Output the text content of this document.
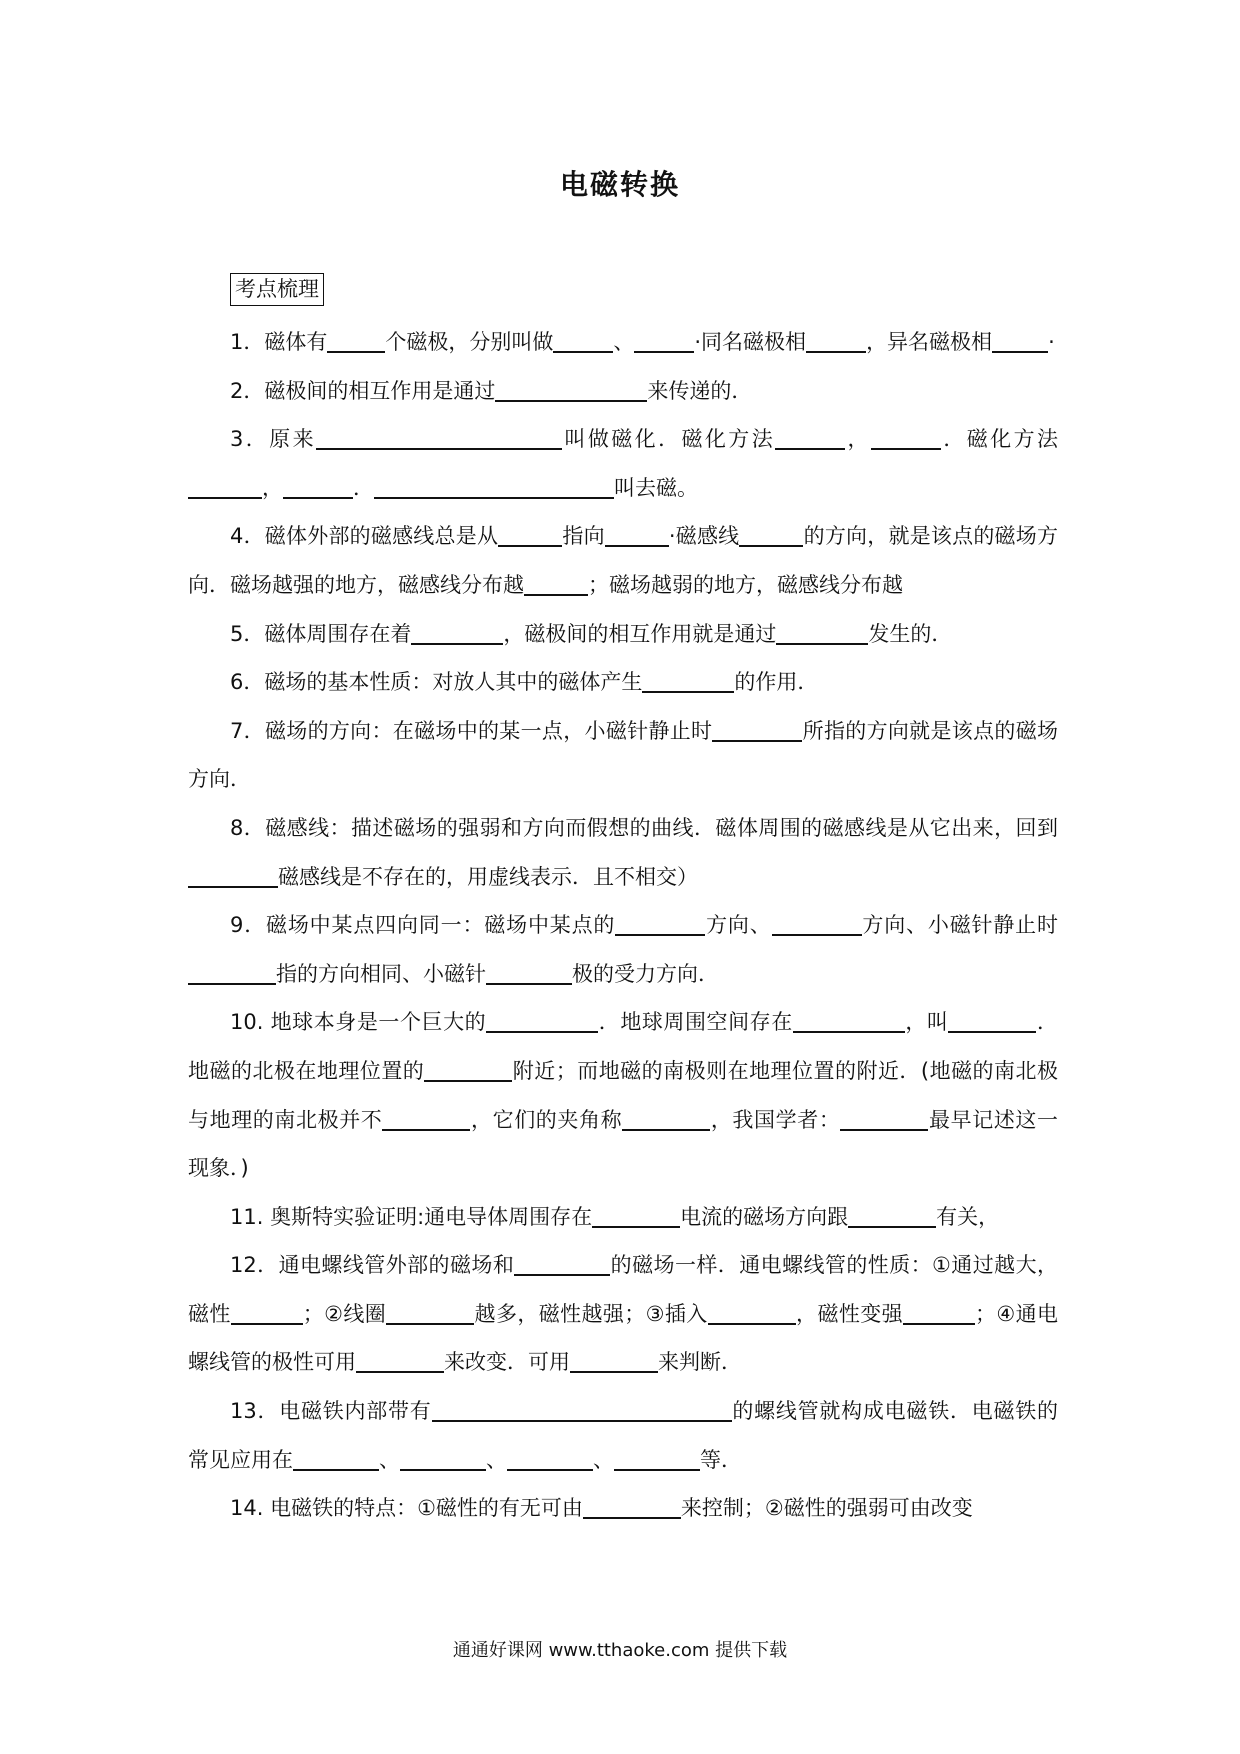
电磁转换
考点梳理
1．磁体有	个磁极，分别叫做	、	·同名磁极相	，异名磁极相	·
2．磁极间的相互作用是通过	来传递的．
3．原来	叫做磁化．磁化方法	，	．磁化方法，	．	叫去磁。
4．磁体外部的磁感线总是从	指向	·磁感线	的方向，就是该点的磁场方向．磁场越强的地方，磁感线分布越	；磁场越弱的地方，磁感线分布越
5．磁体周围存在着	，磁极间的相互作用就是通过	发生的．
6．磁场的基本性质：对放人其中的磁体产生	的作用．
7．磁场的方向：在磁场中的某一点，小磁针静止时	所指的方向就是该点的磁场方向．
8．磁感线：描述磁场的强弱和方向而假想的曲线．磁体周围的磁感线是从它出来，回到磁感线是不存在的，用虚线表示．且不相交）
9．磁场中某点四向同一：磁场中某点的	方向、	方向、小磁针静止时指的方向相同、小磁针	极的受力方向．
10. 地球本身是一个巨大的	．地球周围空间存在	，叫	．地磁的北极在地理位置的	附近；而地磁的南极则在地理位置的附近．(地磁的南北极与地理的南北极并不	，它们的夹角称	，我国学者：	最早记述这一现象．)
11. 奥斯特实验证明:通电导体周围存在	电流的磁场方向跟	有关，
12．通电螺线管外部的磁场和	的磁场一样．通电螺线管的性质：①通过越大，磁性	；②线圈	越多，磁性越强；③插入	，磁性变强	；④通电螺线管的极性可用	来改变．可用	来判断．
13．电磁铁内部带有	的螺线管就构成电磁铁．电磁铁的常见应用在	、	、	、	等．
14. 电磁铁的特点：①磁性的有无可由	来控制；②磁性的强弱可由改变
通通好课网 www.tthaoke.com 提供下载
